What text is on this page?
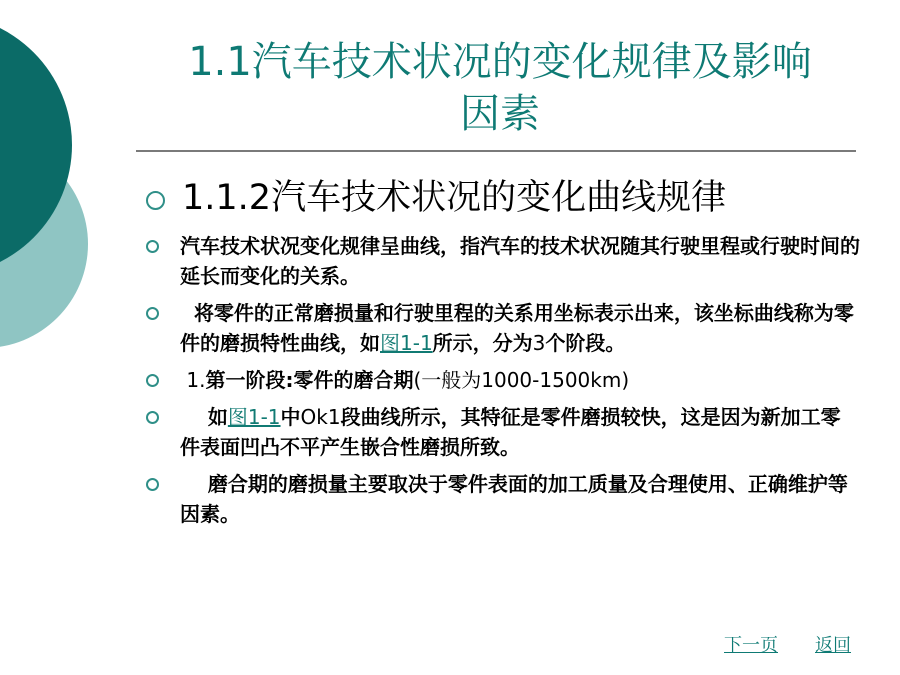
1.1汽车技术状况的变化规律及影响
因素
1.1.2汽车技术状况的变化曲线规律
汽车技术状况变化规律呈曲线，指汽车的技术状况随其行驶里程或行驶时间的延长而变化的关系。
将零件的正常磨损量和行驶里程的关系用坐标表示出来，该坐标曲线称为零件的磨损特性曲线，如图1-1所示，分为3个阶段。
1.第一阶段:零件的磨合期(一般为1000-1500km)
如图1-1中Ok1段曲线所示，其特征是零件磨损较快，这是因为新加工零件表面凹凸不平产生嵌合性磨损所致。
磨合期的磨损量主要取决于零件表面的加工质量及合理使用、正确维护等因素。
下一页 返回
